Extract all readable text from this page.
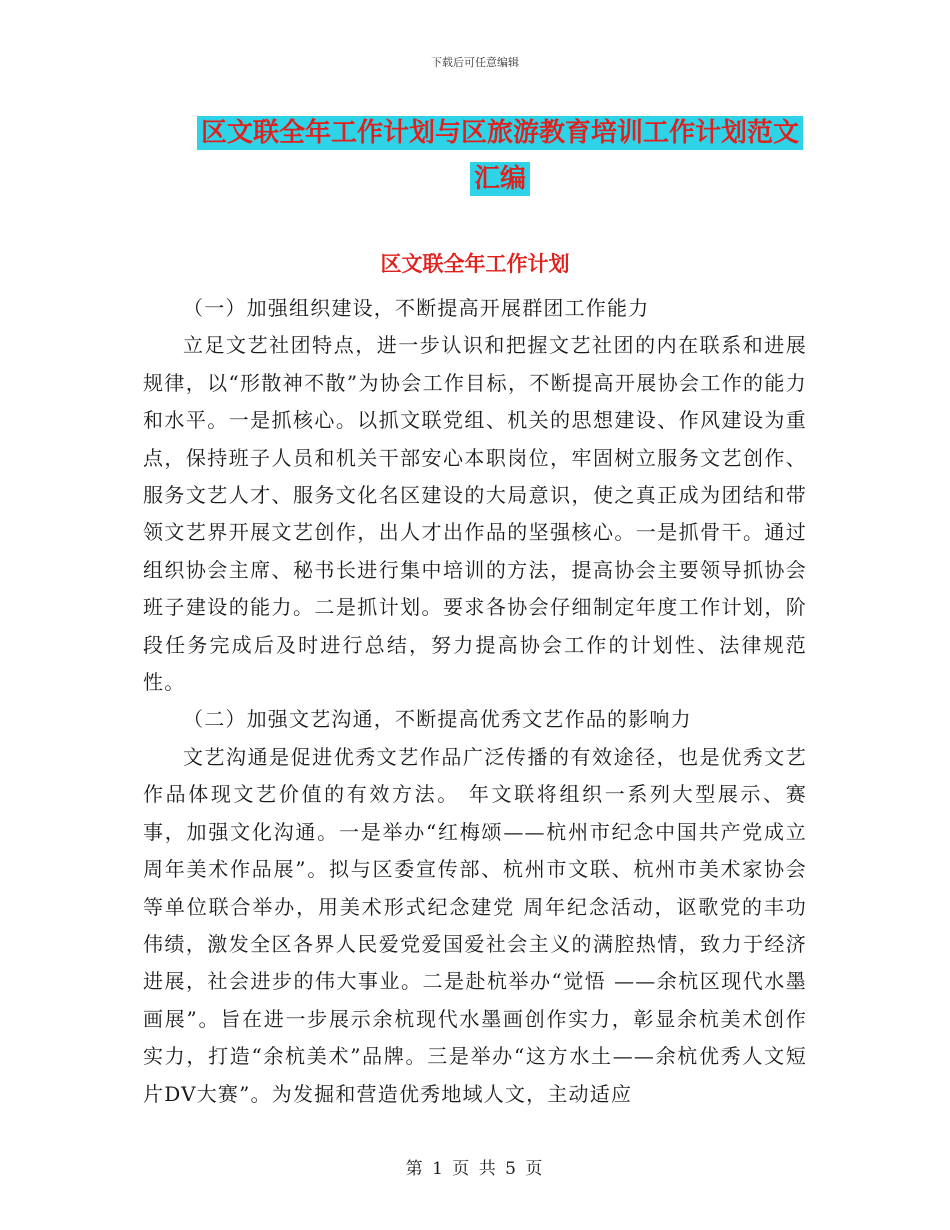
下载后可任意编辑
区文联全年工作计划与区旅游教育培训工作计划范文
汇编
区文联全年工作计划

（一）加强组织建设，不断提高开展群团工作能力

立足文艺社团特点，进一步认识和把握文艺社团的内在联系和进展规律，以“形散神不散”为协会工作目标，不断提高开展协会工作的能力和水平。一是抓核心。以抓文联党组、机关的思想建设、作风建设为重点，保持班子人员和机关干部安心本职岗位，牢固树立服务文艺创作、服务文艺人才、服务文化名区建设的大局意识，使之真正成为团结和带领文艺界开展文艺创作，出人才出作品的坚强核心。一是抓骨干。通过组织协会主席、秘书长进行集中培训的方法，提高协会主要领导抓协会班子建设的能力。二是抓计划。要求各协会仔细制定年度工作计划，阶段任务完成后及时进行总结，努力提高协会工作的计划性、法律规范性。

（二）加强文艺沟通，不断提高优秀文艺作品的影响力

文艺沟通是促进优秀文艺作品广泛传播的有效途径，也是优秀文艺作品体现文艺价值的有效方法。 年文联将组织一系列大型展示、赛事，加强文化沟通。一是举办“红梅颂——杭州市纪念中国共产党成立 周年美术作品展”。拟与区委宣传部、杭州市文联、杭州市美术家协会等单位联合举办，用美术形式纪念建党 周年纪念活动，讴歌党的丰功伟绩，激发全区各界人民爱党爱国爱社会主义的满腔热情，致力于经济进展，社会进步的伟大事业。二是赴杭举办“觉悟 ——余杭区现代水墨画展”。旨在进一步展示余杭现代水墨画创作实力，彰显余杭美术创作实力，打造“余杭美术”品牌。三是举办“这方水土——余杭优秀人文短片DV大赛”。为发掘和营造优秀地域人文，主动适应

第 1 页 共 5 页
